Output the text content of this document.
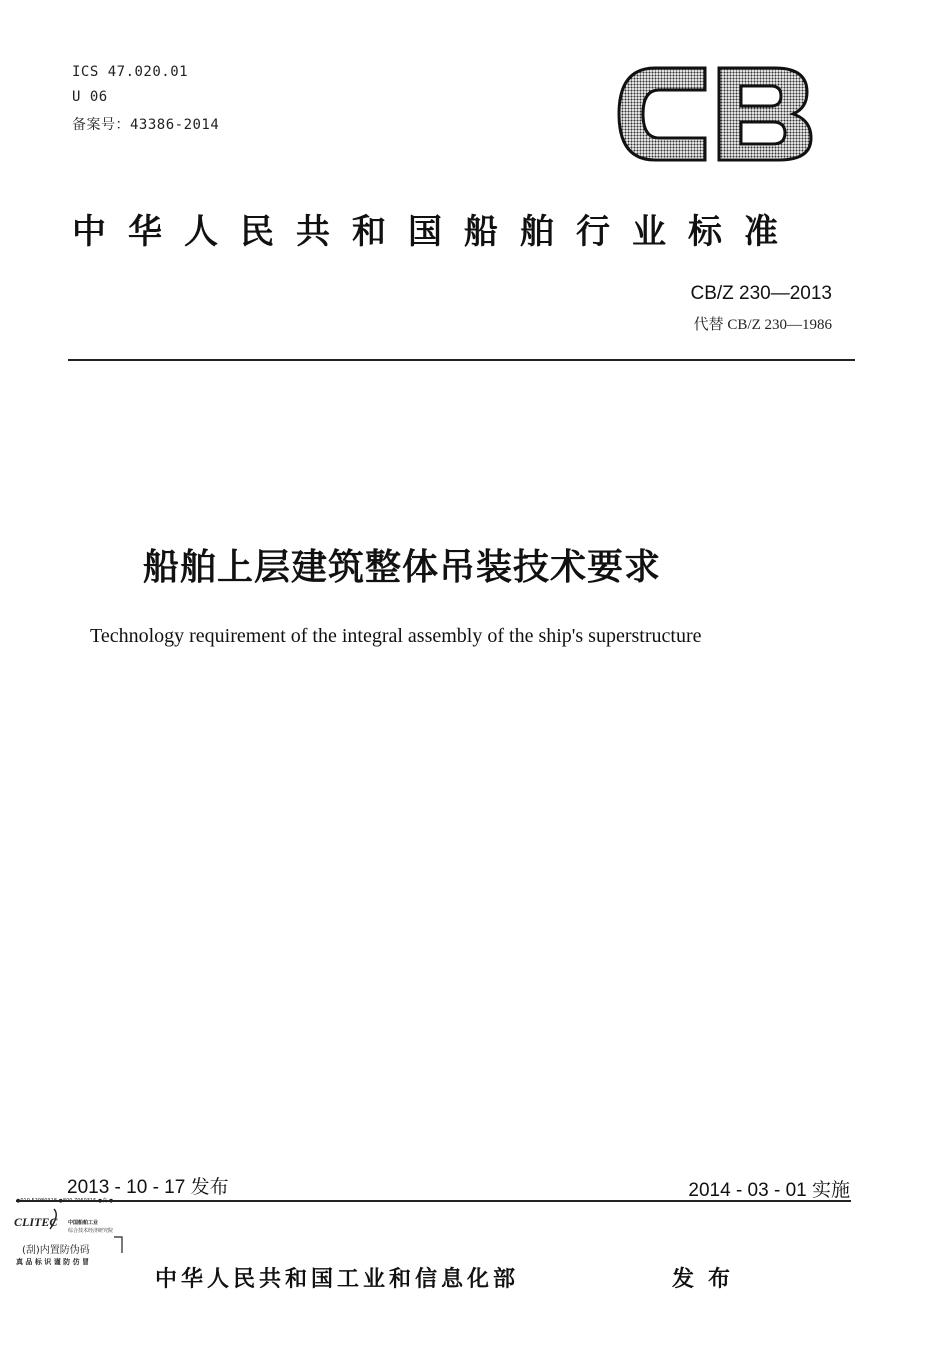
ICS 47.020.01
U 06
备案号：43386-2014
中华人民共和国船舶行业标准
CB/Z 230—2013
代替 CB/Z 230—1986
船舶上层建筑整体吊装技术要求
Technology requirement of the integral assembly of the ship's superstructure
2013 - 10 - 17 发布	2014 - 03 - 01 实施
●010 52980318 ●800 7060315 ●真 ●
CLITEC 中国船舶工业
综合技术经济研究院
(刮)内置防伪码
真 品 标 识 谨 防 仿 冒
中华人民共和国工业和信息化部	发布
